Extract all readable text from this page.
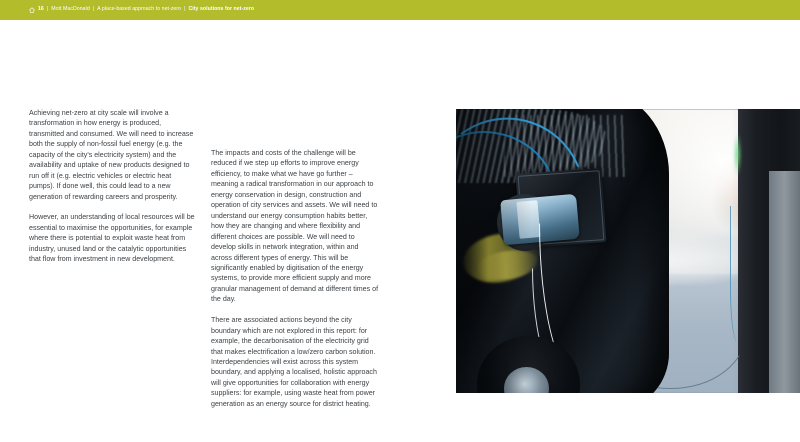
16 | Mott MacDonald | A place-based approach to net-zero | City solutions for net-zero

Achieving net-zero at city scale will involve a transformation in how energy is produced, transmitted and consumed. We will need to increase both the supply of non-fossil fuel energy (e.g. the capacity of the city's electricity system) and the availability and uptake of new products designed to run off it (e.g. electric vehicles or electric heat pumps). If done well, this could lead to a new generation of rewarding careers and prosperity.

However, an understanding of local resources will be essential to maximise the opportunities, for example where there is potential to exploit waste heat from industry, unused land or the catalytic opportunities that flow from investment in new development.

The impacts and costs of the challenge will be reduced if we step up efforts to improve energy efficiency, to make what we have go further – meaning a radical transformation in our approach to energy conservation in design, construction and operation of city services and assets. We will need to understand our energy consumption habits better, how they are changing and where flexibility and different choices are possible. We will need to develop skills in network integration, within and across different types of energy. This will be significantly enabled by digitisation of the energy systems, to provide more efficient supply and more granular management of demand at different times of the day.

There are associated actions beyond the city boundary which are not explored in this report: for example, the decarbonisation of the electricity grid that makes electrification a low/zero carbon solution. Interdependencies will exist across this system boundary, and applying a localised, holistic approach will give opportunities for collaboration with energy suppliers: for example, using waste heat from power generation as an energy source for district heating.
